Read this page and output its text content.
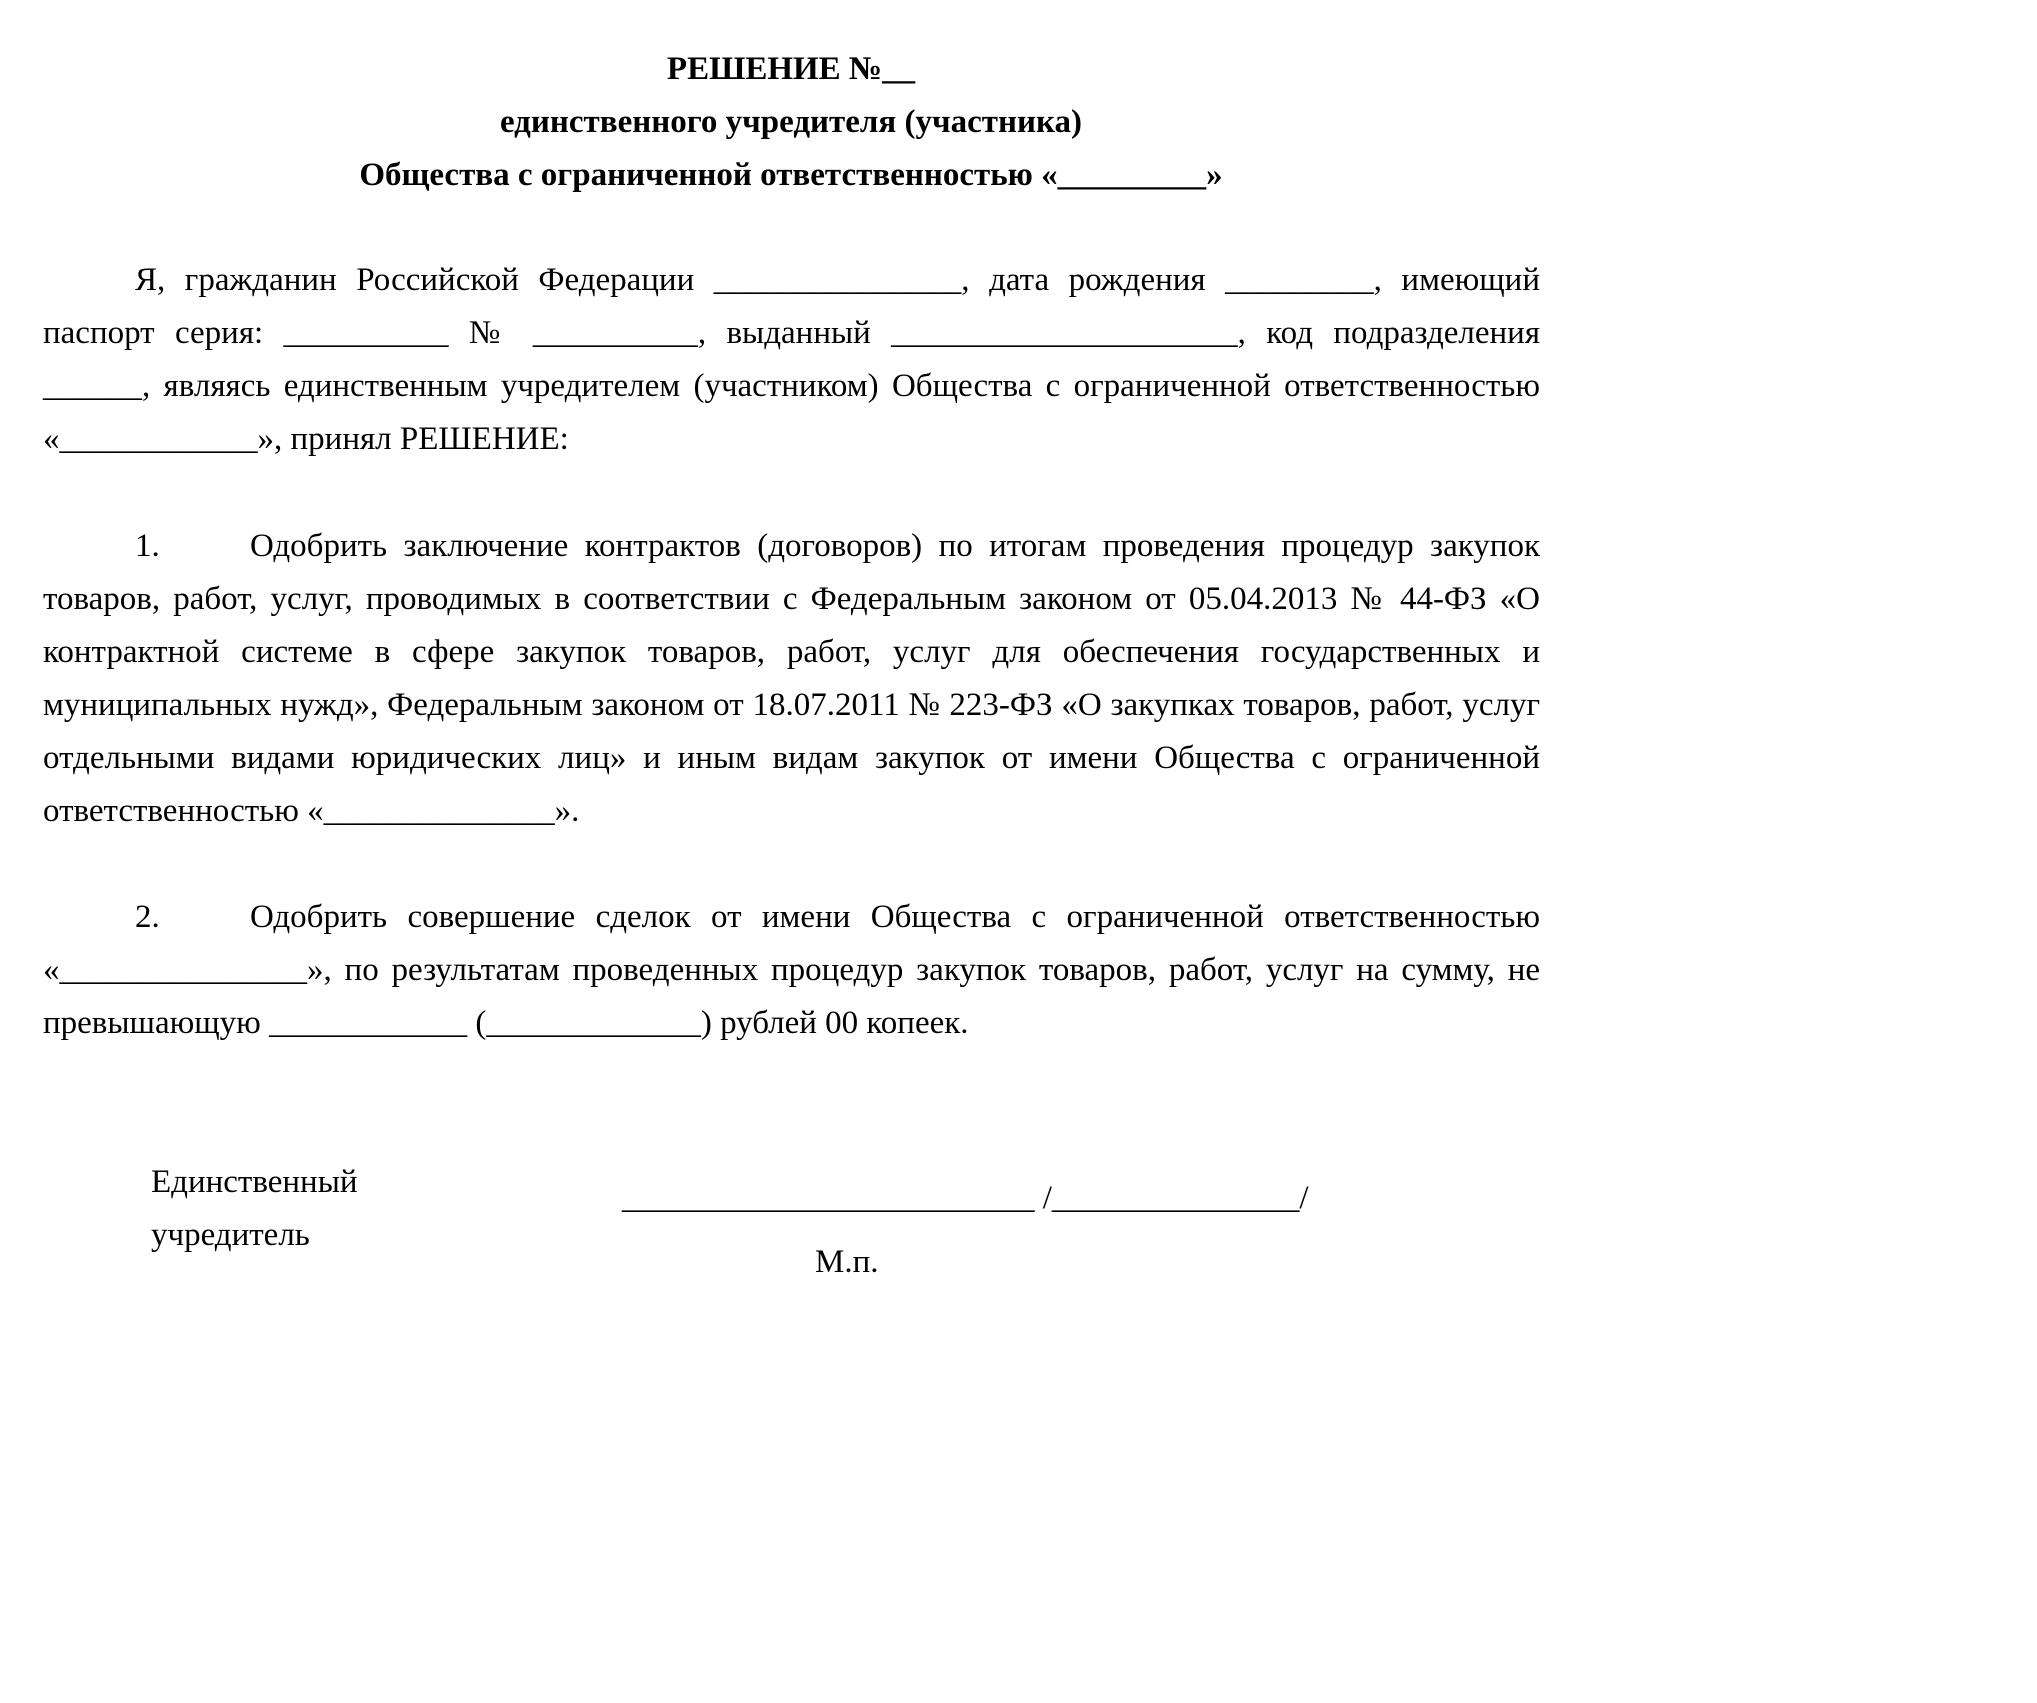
РЕШЕНИЕ №__

единственного учредителя (участника)

Общества с ограниченной ответственностью «_________»

Я, гражданин Российской Федерации _______________, дата рождения _________, имеющий паспорт серия: __________ № __________, выданный _____________________, код подразделения ______, являясь единственным учредителем (участником) Общества с ограниченной ответственностью «____________», принял РЕШЕНИЕ:

1.	Одобрить заключение контрактов (договоров) по итогам проведения процедур закупок товаров, работ, услуг, проводимых в соответствии с Федеральным законом от 05.04.2013 № 44-ФЗ «О контрактной системе в сфере закупок товаров, работ, услуг для обеспечения государственных и муниципальных нужд», Федеральным законом от 18.07.2011 № 223-ФЗ «О закупках товаров, работ, услуг отдельными видами юридических лиц» и иным видам закупок от имени Общества с ограниченной ответственностью «______________».

2.	Одобрить совершение сделок от имени Общества с ограниченной ответственностью «_______________», по результатам проведенных процедур закупок товаров, работ, услуг на сумму, не превышающую ____________ (_____________) рублей 00 копеек.

Единственный
учредитель
_________________________ /_______________/

М.п.
